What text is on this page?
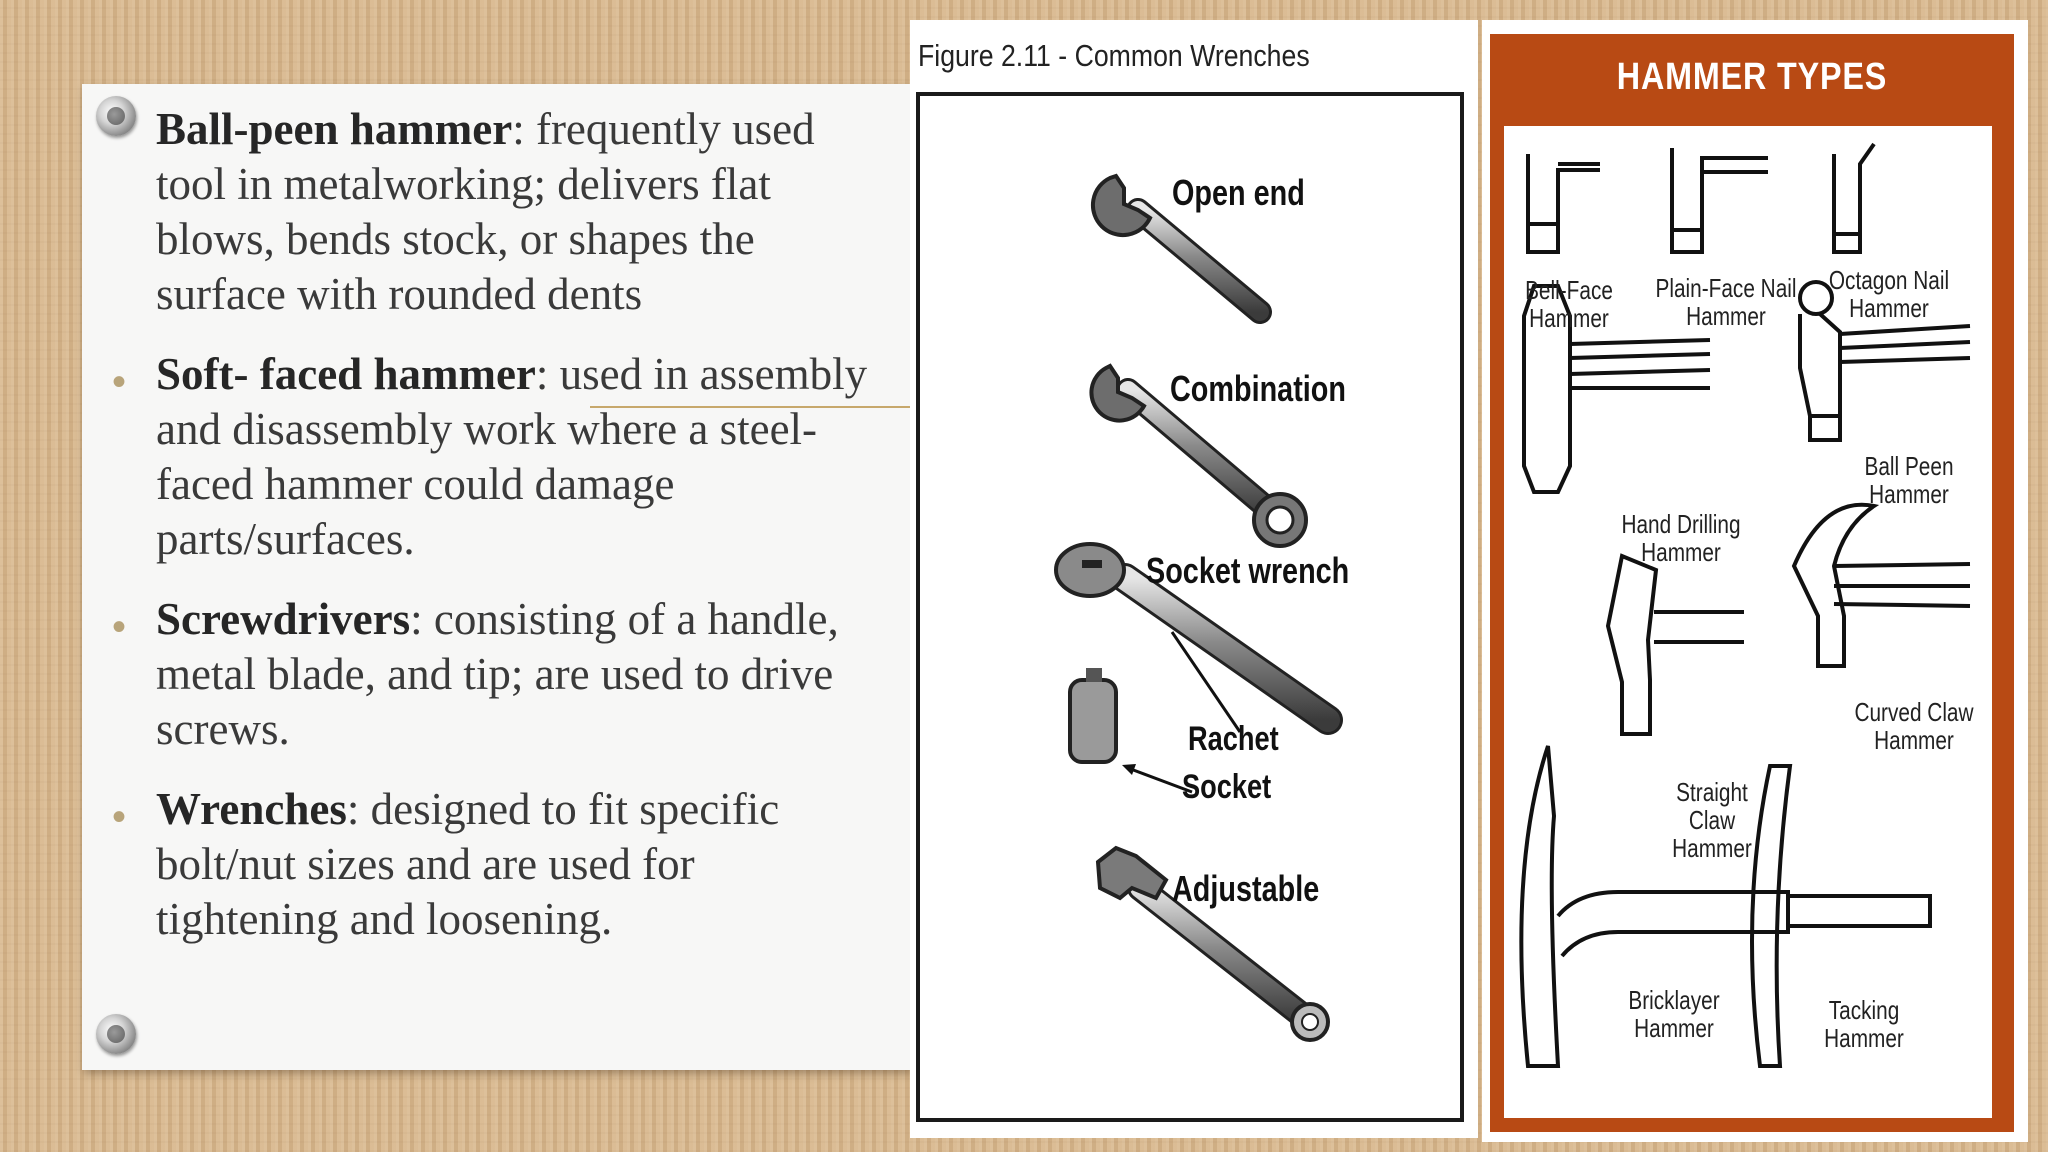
Ball-peen hammer: frequently used tool in metalworking; delivers flat blows, bends stock, or shapes the surface with rounded dents
• Soft- faced hammer: used in assembly and disassembly work where a steel-faced hammer could damage parts/surfaces.
• Screwdrivers: consisting of a handle, metal blade, and tip; are used to drive screws.
• Wrenches: designed to fit specific bolt/nut sizes and are used for tightening and loosening.
Figure 2.11 - Common Wrenches
Open end
Combination
Socket wrench
Rachet
Socket
Adjustable
HAMMER TYPES
Bell-Face
Hammer
Plain-Face Nail
Hammer
Octagon Nail
Hammer
Hand Drilling
Hammer
Ball Peen
Hammer
Curved Claw
Hammer
Straight
Claw
Hammer
Bricklayer
Hammer
Tacking
Hammer
